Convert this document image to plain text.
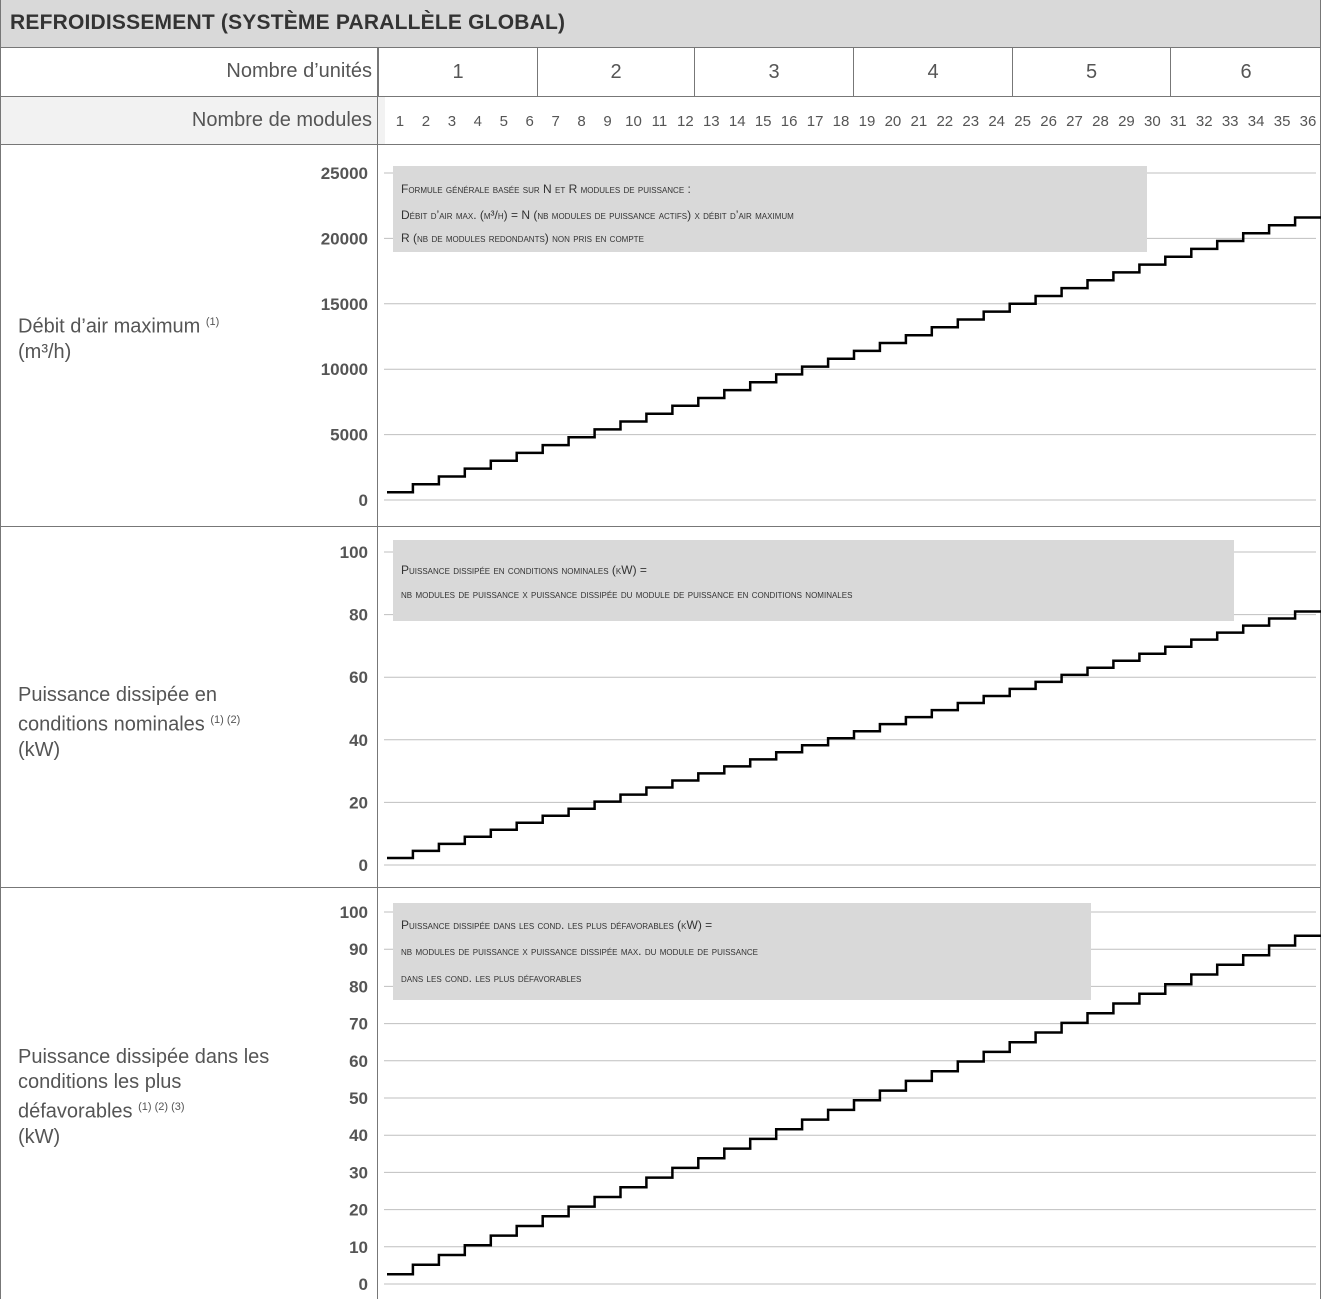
REFROIDISSEMENT (SYSTÈME PARALLÈLE GLOBAL)
Nombre d’unités	1	2	3	4	5	6
Nombre de modules 1 2 3 4 5 6 7 8 9 10 11 12 13 14 15 16 17 18 19 20 21 22 23 24 25 26 27 28 29 30 31 32 33 34 35 36
Débit d’air maximum $^{(1)}$
(m³/h)
Puissance dissipée en
conditions nominales $^{(1) (2)}$
(kW)
Puissance dissipée dans les
conditions les plus
défavorables $^{(1) (2) (3)}$
(kW)
0
5000
10000
15000
20000
25000
Formule générale basée sur N et R modules de puissance :
Débit d’air max. (m³/h) = N (nb modules de puissance actifs) x débit d’air maximum
R (nb de modules redondants) non pris en compte
0
20
40
60
80
100
Puissance dissipée en conditions nominales (kW) =
nb modules de puissance x puissance dissipée du module de puissance en conditions nominales
0
10
20
30
40
50
60
70
80
90
100
Puissance dissipée dans les cond. les plus défavorables (kW) =
nb modules de puissance x puissance dissipée max. du module de puissance
dans les cond. les plus défavorables
